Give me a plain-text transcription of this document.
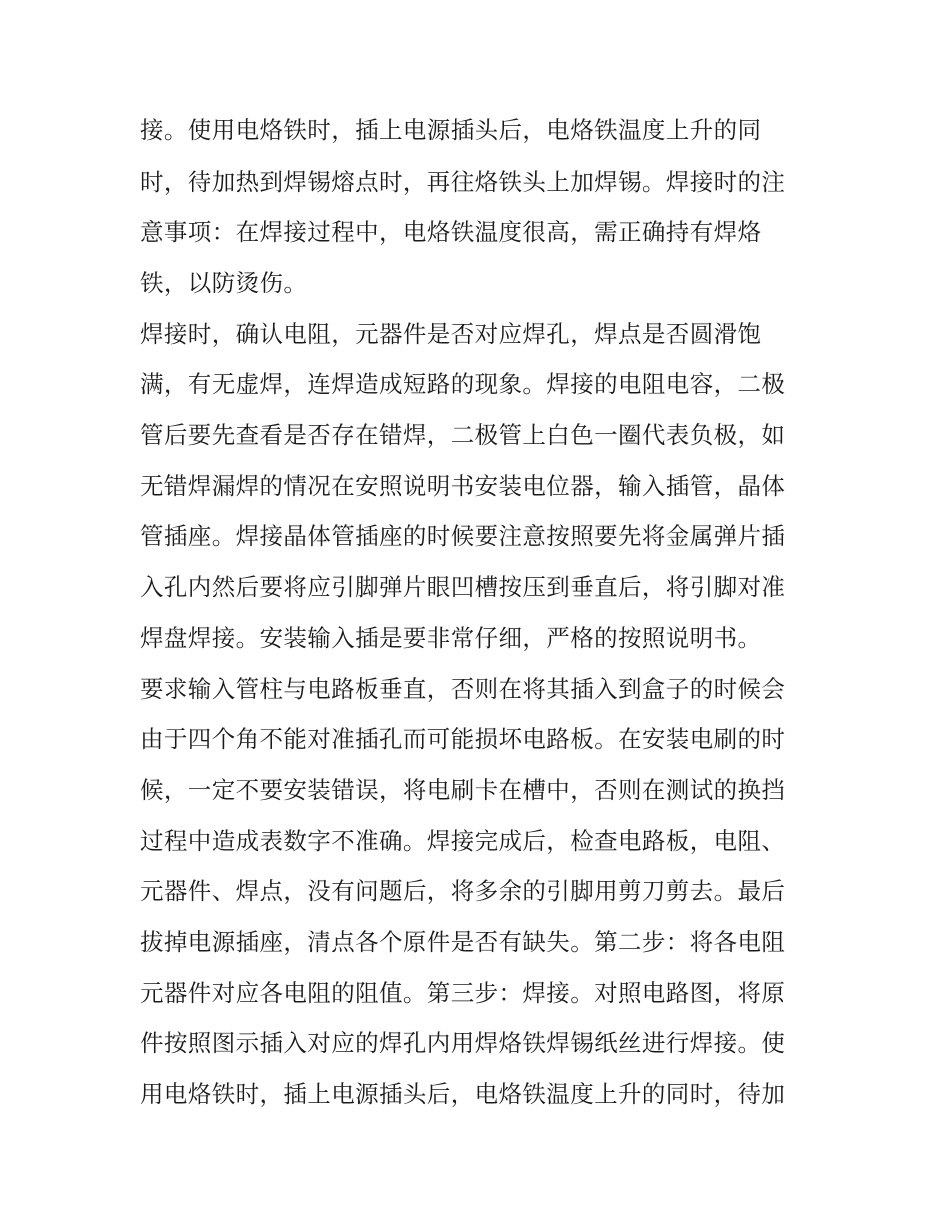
接。使用电烙铁时，插上电源插头后，电烙铁温度上升的同
时，待加热到焊锡熔点时，再往烙铁头上加焊锡。焊接时的注
意事项：在焊接过程中，电烙铁温度很高，需正确持有焊烙
铁，以防烫伤。
焊接时，确认电阻，元器件是否对应焊孔，焊点是否圆滑饱
满，有无虚焊，连焊造成短路的现象。焊接的电阻电容，二极
管后要先查看是否存在错焊，二极管上白色一圈代表负极，如
无错焊漏焊的情况在安照说明书安装电位器，输入插管，晶体
管插座。焊接晶体管插座的时候要注意按照要先将金属弹片插
入孔内然后要将应引脚弹片眼凹槽按压到垂直后，将引脚对准
焊盘焊接。安装输入插是要非常仔细，严格的按照说明书。
要求输入管柱与电路板垂直，否则在将其插入到盒子的时候会
由于四个角不能对准插孔而可能损坏电路板。在安装电刷的时
候，一定不要安装错误，将电刷卡在槽中，否则在测试的换挡
过程中造成表数字不准确。焊接完成后，检查电路板，电阻、
元器件、焊点，没有问题后，将多余的引脚用剪刀剪去。最后
拔掉电源插座，清点各个原件是否有缺失。第二步：将各电阻
元器件对应各电阻的阻值。第三步：焊接。对照电路图，将原
件按照图示插入对应的焊孔内用焊烙铁焊锡纸丝进行焊接。使
用电烙铁时，插上电源插头后，电烙铁温度上升的同时，待加
